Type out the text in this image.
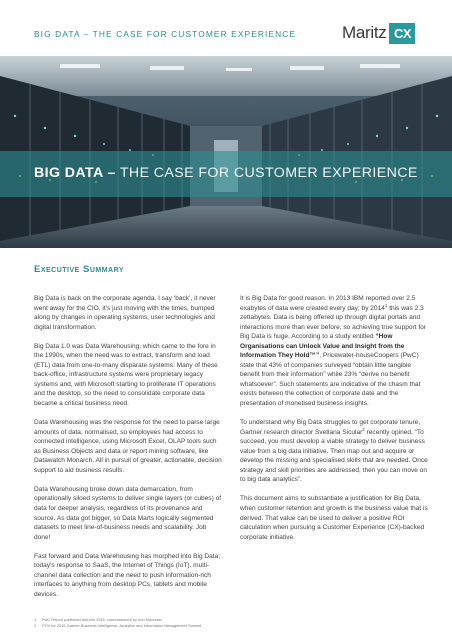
BIG DATA – THE CASE FOR CUSTOMER EXPERIENCE	Maritz CX
BIG DATA – THE CASE FOR CUSTOMER EXPERIENCE
Executive Summary

Big Data is back on the corporate agenda. I say ‘back’, it never went away for the CIO, it’s just moving with the times, bumped along by changes in operating systems, user technologies and digital transformation.

Big Data 1.0 was Data Warehousing, which came to the fore in the 1990s, when the need was to extract, transform and load (ETL) data from one-to-many disparate systems. Many of these back-office, infrastructure systems were proprietary legacy systems and, with Microsoft starting to proliferate IT operations and the desktop, so the need to consolidate corporate data became a critical business need.

Data Warehousing was the response for the need to parse large amounts of data, normalised, so employees had access to connected intelligence, using Microsoft Excel, OLAP tools such as Business Objects and data or report mining software, like Datawatch Monarch. All in pursuit of greater, actionable, decision support to aid business results.

Data Warehousing broke down data demarcation, from operationally siloed systems to deliver single layers (or cubes) of data for deeper analysis, regardless of its provenance and source. As data got bigger, so Data Marts logically segmented datasets to meet line-of-business needs and scalability. Job done!

Fast forward and Data Warehousing has morphed into Big Data; today’s response to SaaS, the Internet of Things (IoT), multi-channel data collection and the need to push information-rich interfaces to anything from desktop PCs, tablets and mobile devices.

It is Big Data for good reason. In 2013 IBM reported over 2.5 exabytes of data were created every day; by 2014$^1$ this was 2.3 zettabytes. Data is being offered up through digital portals and interactions more than ever before, so achieving true support for Big Data is huge. According to a study entitled “How Organisations can Unlock Value and Insight from the Information They Hold™”, Pricewater-houseCoopers (PwC) state that 43% of companies surveyed “obtain little tangible benefit from their information” while 23% “derive no benefit whatsoever”. Such statements are indicative of the chasm that exists between the collection of corporate date and the presentation of monetised business insights.

To understand why Big Data struggles to get corporate tenure, Gartner research director Svetlana Sicular$^2$ recently opined, “To succeed, you must develop a viable strategy to deliver business value from a big data initiative. Then map out and acquire or develop the missing and specialised skills that are needed. Once strategy and skill priorities are addressed, then you can move on to big data analytics”.

This document aims to substantiate a justification for Big Data, when customer retention and growth is the business value that is derived. That value can be used to deliver a positive ROI calculation when pursuing a Customer Experience (CX)-backed corporate initiative.

1	PwC Report published Autumn 2015, commissioned by Iron Mountain
2	POV for 2015 Gartner Business Intelligence, Analytics and Information Management Summit
